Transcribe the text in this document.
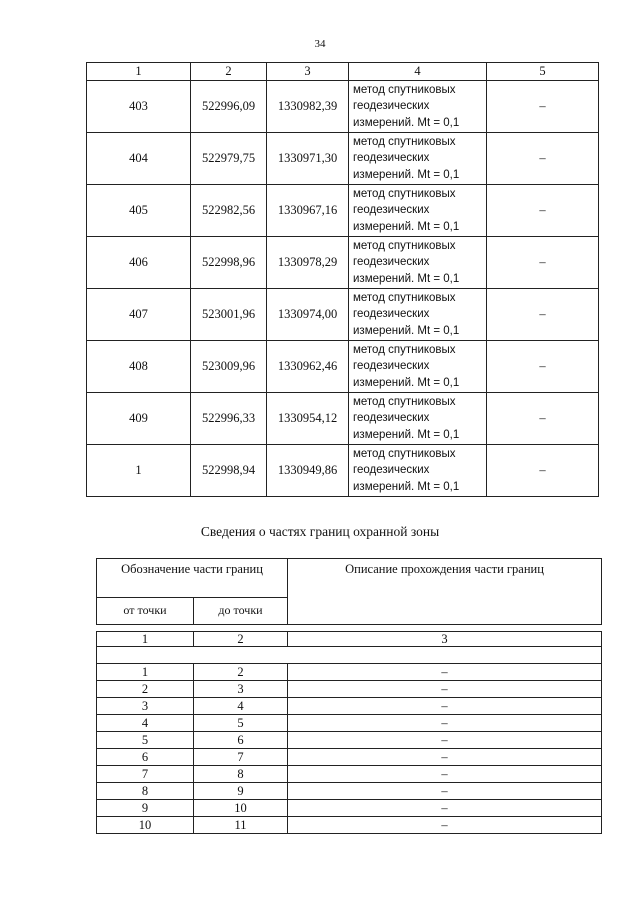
34
1	2	3	4	5
403	522996,09	1330982,39	метод спутниковых
геодезических
измерений. Mt = 0,1	–
404	522979,75	1330971,30	метод спутниковых
геодезических
измерений. Mt = 0,1	–
405	522982,56	1330967,16	метод спутниковых
геодезических
измерений. Mt = 0,1	–
406	522998,96	1330978,29	метод спутниковых
геодезических
измерений. Mt = 0,1	–
407	523001,96	1330974,00	метод спутниковых
геодезических
измерений. Mt = 0,1	–
408	523009,96	1330962,46	метод спутниковых
геодезических
измерений. Mt = 0,1	–
409	522996,33	1330954,12	метод спутниковых
геодезических
измерений. Mt = 0,1	–
1	522998,94	1330949,86	метод спутниковых
геодезических
измерений. Mt = 0,1	–
Сведения о частях границ охранной зоны
Обозначение части границ		Описание прохождения части границ
от точки	до точки	

1	2	3

1	2	–
2	3	–
3	4	–
4	5	–
5	6	–
6	7	–
7	8	–
8	9	–
9	10	–
10	11	–
